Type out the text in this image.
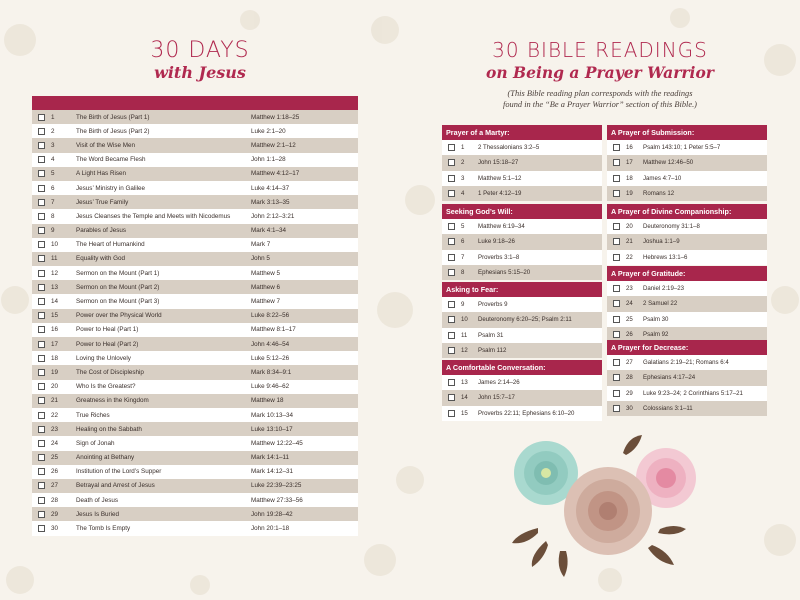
30 DAYS
with Jesus
1	The Birth of Jesus (Part 1)	Matthew 1:18–25
2	The Birth of Jesus (Part 2)	Luke 2:1–20
3	Visit of the Wise Men	Matthew 2:1–12
4	The Word Became Flesh	John 1:1–28
5	A Light Has Risen	Matthew 4:12–17
6	Jesus’ Ministry in Galilee	Luke 4:14–37
7	Jesus’ True Family	Mark 3:13–35
8	Jesus Cleanses the Temple and Meets with Nicodemus	John 2:12–3:21
9	Parables of Jesus	Mark 4:1–34
10	The Heart of Humankind	Mark 7
11	Equality with God	John 5
12	Sermon on the Mount (Part 1)	Matthew 5
13	Sermon on the Mount (Part 2)	Matthew 6
14	Sermon on the Mount (Part 3)	Matthew 7
15	Power over the Physical World	Luke 8:22–56
16	Power to Heal (Part 1)	Matthew 8:1–17
17	Power to Heal (Part 2)	John 4:46–54
18	Loving the Unlovely	Luke 5:12–26
19	The Cost of Discipleship	Mark 8:34–9:1
20	Who Is the Greatest?	Luke 9:46–62
21	Greatness in the Kingdom	Matthew 18
22	True Riches	Mark 10:13–34
23	Healing on the Sabbath	Luke 13:10–17
24	Sign of Jonah	Matthew 12:22–45
25	Anointing at Bethany	Mark 14:1–11
26	Institution of the Lord’s Supper	Mark 14:12–31
27	Betrayal and Arrest of Jesus	Luke 22:39–23:25
28	Death of Jesus	Matthew 27:33–56
29	Jesus Is Buried	John 19:28–42
30	The Tomb Is Empty	John 20:1–18
30 BIBLE READINGS
on Being a Prayer Warrior
(This Bible reading plan corresponds with the readings
found in the “Be a Prayer Warrior” section of this Bible.)
Prayer of a Martyr:
1	2 Thessalonians 3:2–5
2	John 15:18–27
3	Matthew 5:1–12
4	1 Peter 4:12–19
Seeking God’s Will:
5	Matthew 6:19–34
6	Luke 9:18–26
7	Proverbs 3:1–8
8	Ephesians 5:15–20
Asking to Fear:
9	Proverbs 9
10	Deuteronomy 6:20–25; Psalm 2:11
11	Psalm 31
12	Psalm 112
A Comfortable Conversation:
13	James 2:14–26
14	John 15:7–17
15	Proverbs 22:11; Ephesians 6:10–20
A Prayer of Submission:
16	Psalm 143:10; 1 Peter 5:5–7
17	Matthew 12:46–50
18	James 4:7–10
19	Romans 12
A Prayer of Divine Companionship:
20	Deuteronomy 31:1–8
21	Joshua 1:1–9
22	Hebrews 13:1–6
A Prayer of Gratitude:
23	Daniel 2:19–23
24	2 Samuel 22
25	Psalm 30
26	Psalm 92
A Prayer for Decrease:
27	Galatians 2:19–21; Romans 6:4
28	Ephesians 4:17–24
29	Luke 9:23–24; 2 Corinthians 5:17–21
30	Colossians 3:1–11
